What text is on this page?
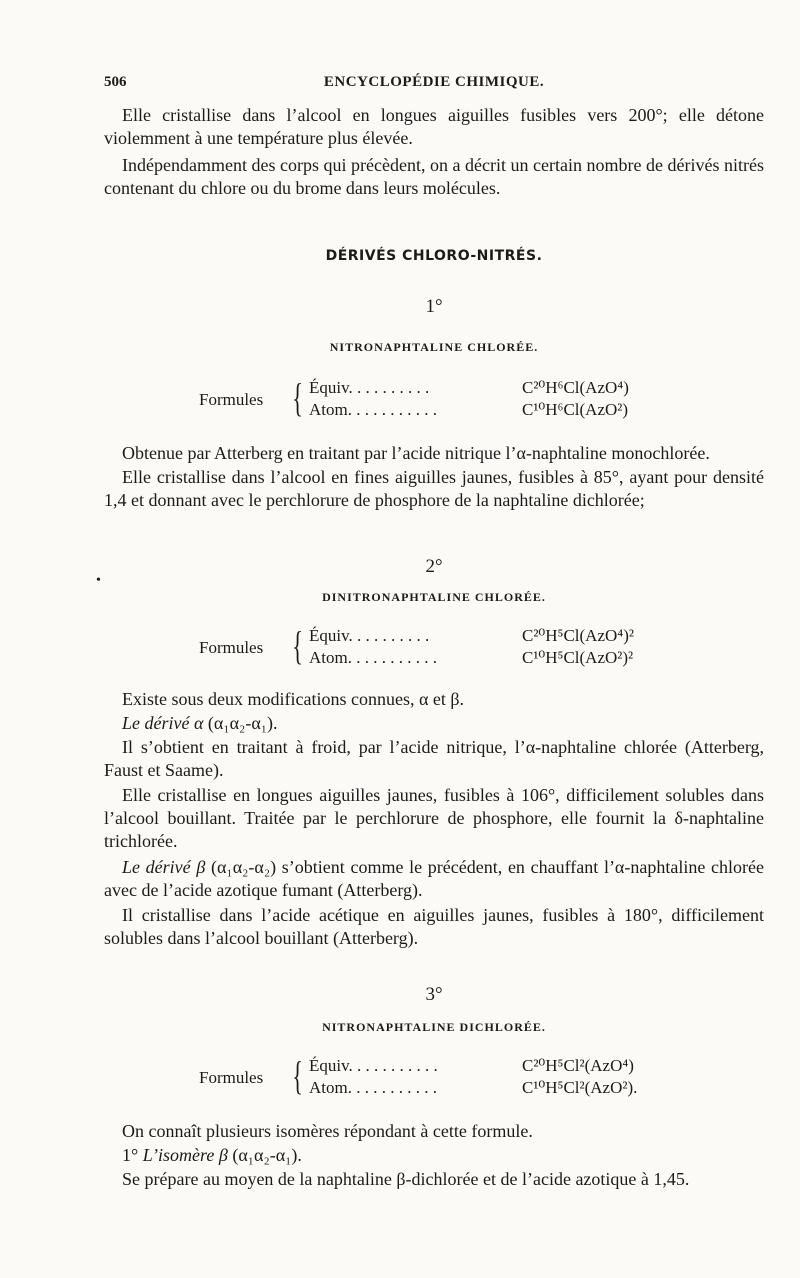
506	ENCYCLOPÉDIE CHIMIQUE.
Elle cristallise dans l’alcool en longues aiguilles fusibles vers 200°; elle détone violemment à une température plus élevée.
Indépendamment des corps qui précèdent, on a décrit un certain nombre de dérivés nitrés contenant du chlore ou du brome dans leurs molécules.
DÉRIVÉS CHLORO-NITRÉS.
1°
NITRONAPHTALINE CHLORÉE.
Formules { Équiv. . . . . . . . . .	C²⁰H⁶Cl(AzO⁴)
Atom. . . . . . . . . . .	C¹⁰H⁶Cl(AzO²)
Obtenue par Atterberg en traitant par l’acide nitrique l’α-naphtaline monochlorée.
Elle cristallise dans l’alcool en fines aiguilles jaunes, fusibles à 85°, ayant pour densité 1,4 et donnant avec le perchlorure de phosphore de la naphtaline dichlorée;
•
2°
DINITRONAPHTALINE CHLORÉE.
Formules { Équiv. . . . . . . . . .	C²⁰H⁵Cl(AzO⁴)²
Atom. . . . . . . . . . .	C¹⁰H⁵Cl(AzO²)²
Existe sous deux modifications connues, α et β.
Le dérivé α (α₁α₂-α₁).
Il s’obtient en traitant à froid, par l’acide nitrique, l’α-naphtaline chlorée (Atterberg, Faust et Saame).
Elle cristallise en longues aiguilles jaunes, fusibles à 106°, difficilement solubles dans l’alcool bouillant. Traitée par le perchlorure de phosphore, elle fournit la δ-naphtaline trichlorée.
Le dérivé β (α₁α₂-α₂) s’obtient comme le précédent, en chauffant l’α-naphtaline chlorée avec de l’acide azotique fumant (Atterberg).
Il cristallise dans l’acide acétique en aiguilles jaunes, fusibles à 180°, difficilement solubles dans l’alcool bouillant (Atterberg).
3°
NITRONAPHTALINE DICHLORÉE.
Formules { Équiv. . . . . . . . . . .	C²⁰H⁵Cl²(AzO⁴)
Atom. . . . . . . . . . .	C¹⁰H⁵Cl²(AzO²).
On connaît plusieurs isomères répondant à cette formule.
1° L’isomère β (α₁α₂-α₁).
Se prépare au moyen de la naphtaline β-dichlorée et de l’acide azotique à 1,45.
